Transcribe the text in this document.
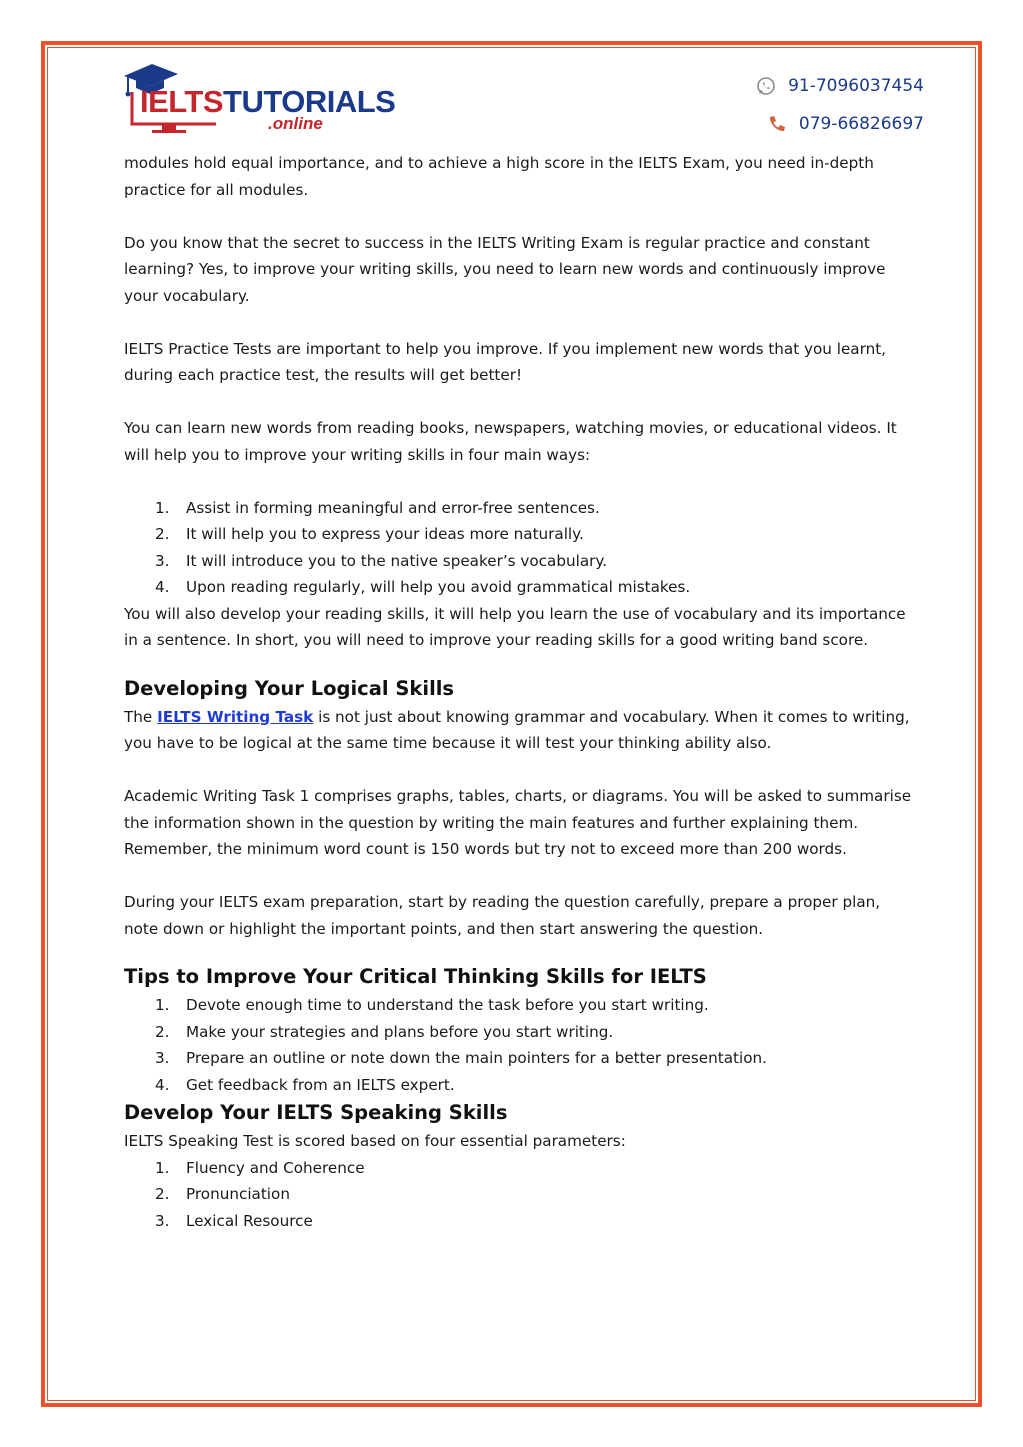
IELTSTUTORIALS
.online
91-7096037454
079-66826697

modules hold equal importance, and to achieve a high score in the IELTS Exam, you need in-depth practice for all modules.

Do you know that the secret to success in the IELTS Writing Exam is regular practice and constant learning? Yes, to improve your writing skills, you need to learn new words and continuously improve your vocabulary.

IELTS Practice Tests are important to help you improve. If you implement new words that you learnt, during each practice test, the results will get better!

You can learn new words from reading books, newspapers, watching movies, or educational videos. It will help you to improve your writing skills in four main ways:

1. Assist in forming meaningful and error-free sentences.
2. It will help you to express your ideas more naturally.
3. It will introduce you to the native speaker’s vocabulary.
4. Upon reading regularly, will help you avoid grammatical mistakes.

You will also develop your reading skills, it will help you learn the use of vocabulary and its importance in a sentence. In short, you will need to improve your reading skills for a good writing band score.

Developing Your Logical Skills

The IELTS Writing Task is not just about knowing grammar and vocabulary. When it comes to writing, you have to be logical at the same time because it will test your thinking ability also.

Academic Writing Task 1 comprises graphs, tables, charts, or diagrams. You will be asked to summarise the information shown in the question by writing the main features and further explaining them. Remember, the minimum word count is 150 words but try not to exceed more than 200 words.

During your IELTS exam preparation, start by reading the question carefully, prepare a proper plan, note down or highlight the important points, and then start answering the question.

Tips to Improve Your Critical Thinking Skills for IELTS
1. Devote enough time to understand the task before you start writing.
2. Make your strategies and plans before you start writing.
3. Prepare an outline or note down the main pointers for a better presentation.
4. Get feedback from an IELTS expert.
Develop Your IELTS Speaking Skills

IELTS Speaking Test is scored based on four essential parameters:

1. Fluency and Coherence
2. Pronunciation
3. Lexical Resource
